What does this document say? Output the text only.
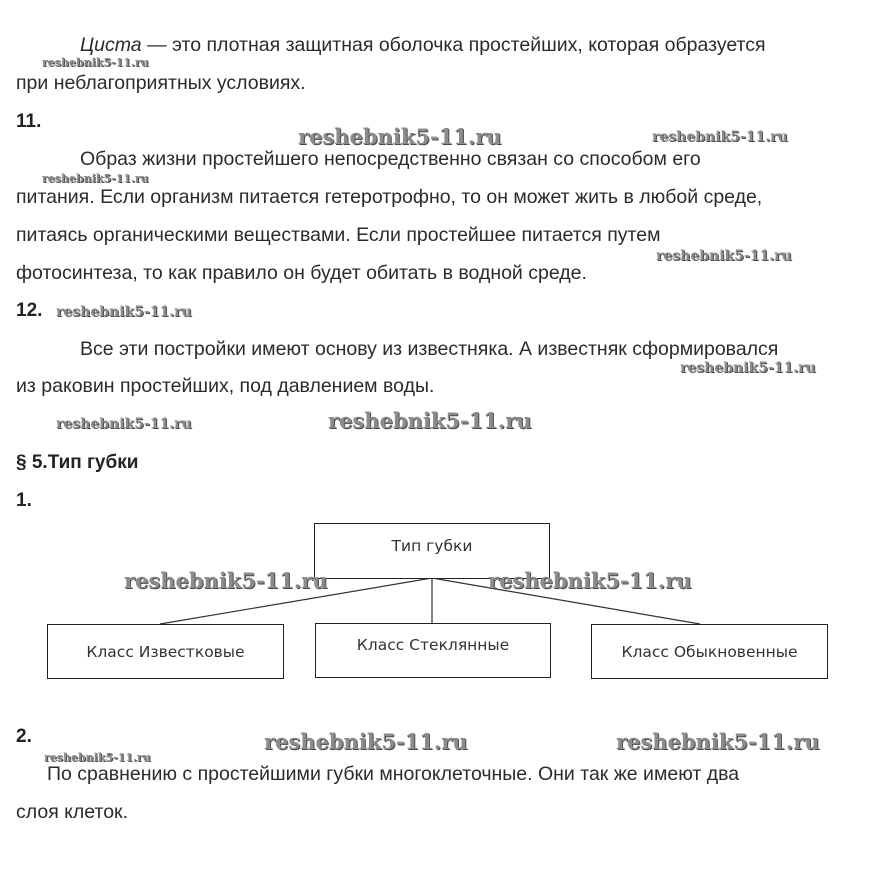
Циста — это плотная защитная оболочка простейших, которая образуется
при неблагоприятных условиях.
11.
Образ жизни простейшего непосредственно связан со способом его
питания. Если организм питается гетеротрофно, то он может жить в любой среде,
питаясь органическими веществами. Если простейшее питается путем
фотосинтеза, то как правило он будет обитать в водной среде.
12.
Все эти постройки имеют основу из известняка. А известняк сформировался
из раковин простейших, под давлением воды.
§ 5.Тип губки
1.
Тип губки
Класс Известковые	Класс Стеклянные	Класс Обыкновенные
2.
По сравнению с простейшими губки многоклеточные. Они так же имеют два
слоя клеток.
reshebnik5-11.ru
reshebnik5-11.ru	reshebnik5-11.ru
reshebnik5-11.ru
reshebnik5-11.ru
reshebnik5-11.ru
reshebnik5-11.ru
reshebnik5-11.ru	reshebnik5-11.ru
reshebnik5-11.ru	reshebnik5-11.ru
reshebnik5-11.ru
reshebnik5-11.ru	reshebnik5-11.ru
